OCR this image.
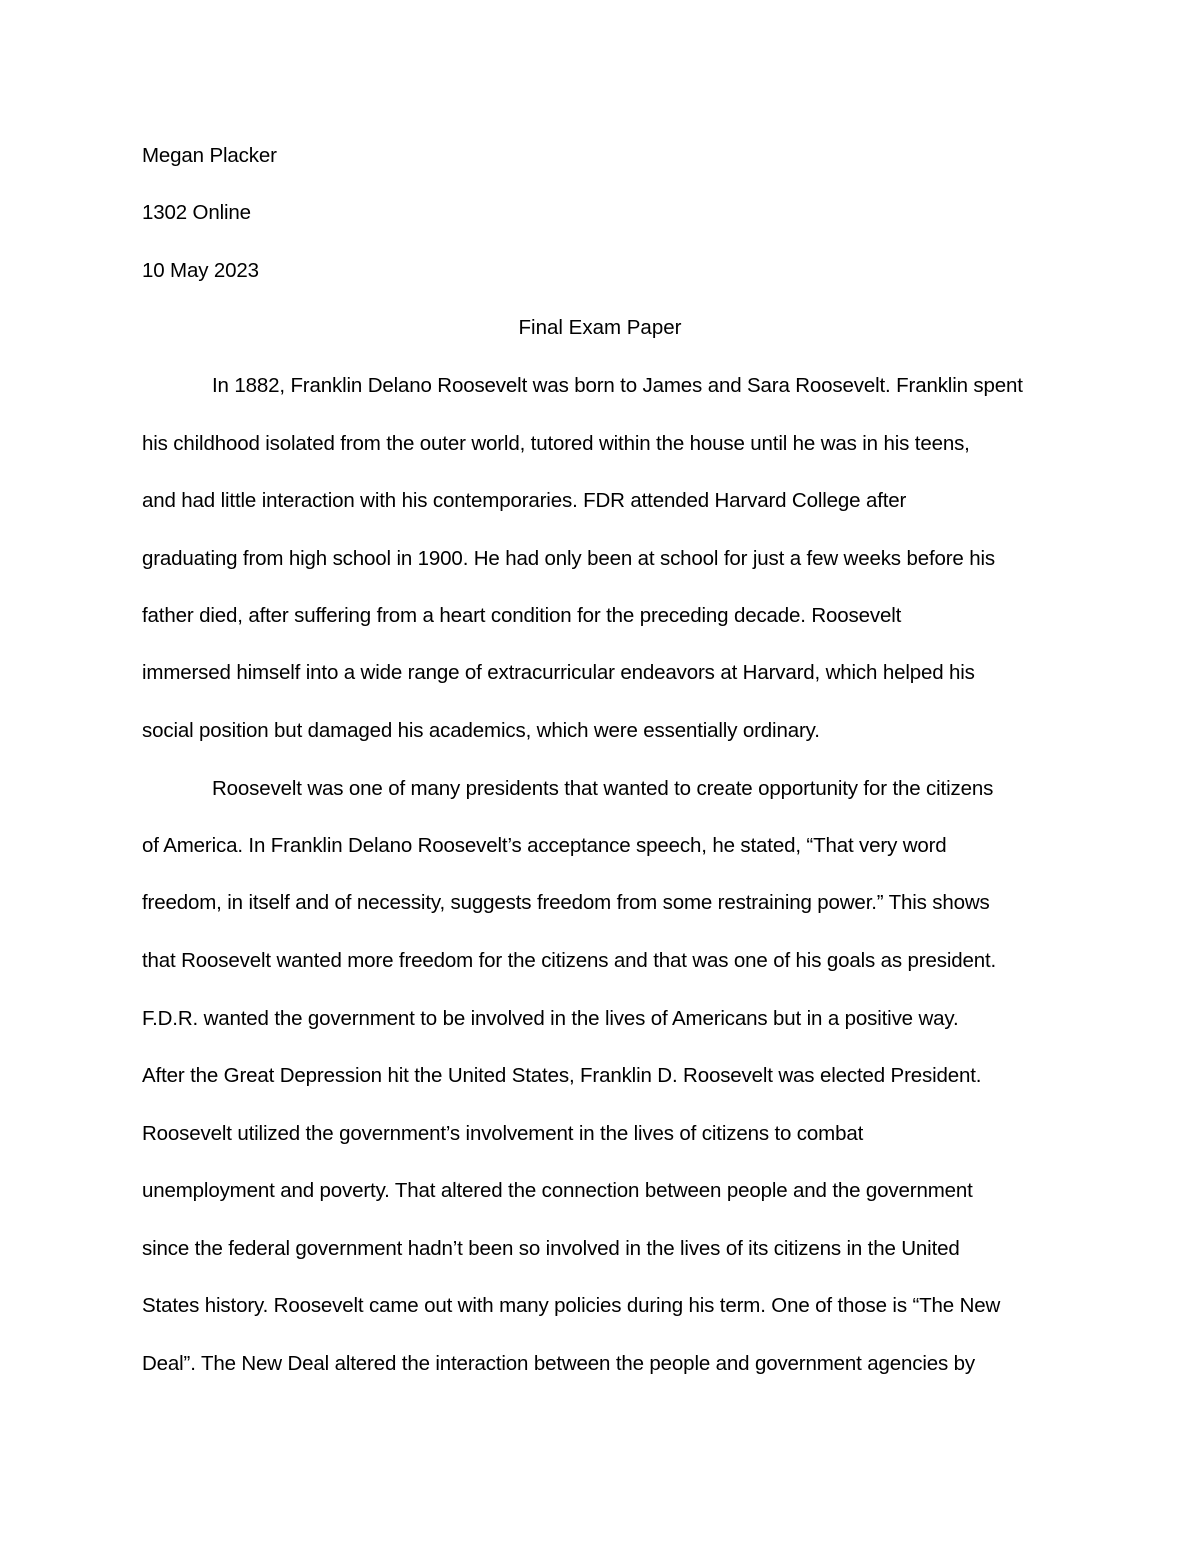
Megan Placker
1302 Online
10 May 2023
Final Exam Paper
In 1882, Franklin Delano Roosevelt was born to James and Sara Roosevelt. Franklin spent
his childhood isolated from the outer world, tutored within the house until he was in his teens,
and had little interaction with his contemporaries. FDR attended Harvard College after
graduating from high school in 1900. He had only been at school for just a few weeks before his
father died, after suffering from a heart condition for the preceding decade. Roosevelt
immersed himself into a wide range of extracurricular endeavors at Harvard, which helped his
social position but damaged his academics, which were essentially ordinary.
Roosevelt was one of many presidents that wanted to create opportunity for the citizens
of America. In Franklin Delano Roosevelt’s acceptance speech, he stated, “That very word
freedom, in itself and of necessity, suggests freedom from some restraining power.” This shows
that Roosevelt wanted more freedom for the citizens and that was one of his goals as president.
F.D.R. wanted the government to be involved in the lives of Americans but in a positive way.
After the Great Depression hit the United States, Franklin D. Roosevelt was elected President.
Roosevelt utilized the government’s involvement in the lives of citizens to combat
unemployment and poverty. That altered the connection between people and the government
since the federal government hadn’t been so involved in the lives of its citizens in the United
States history. Roosevelt came out with many policies during his term. One of those is “The New
Deal”. The New Deal altered the interaction between the people and government agencies by
